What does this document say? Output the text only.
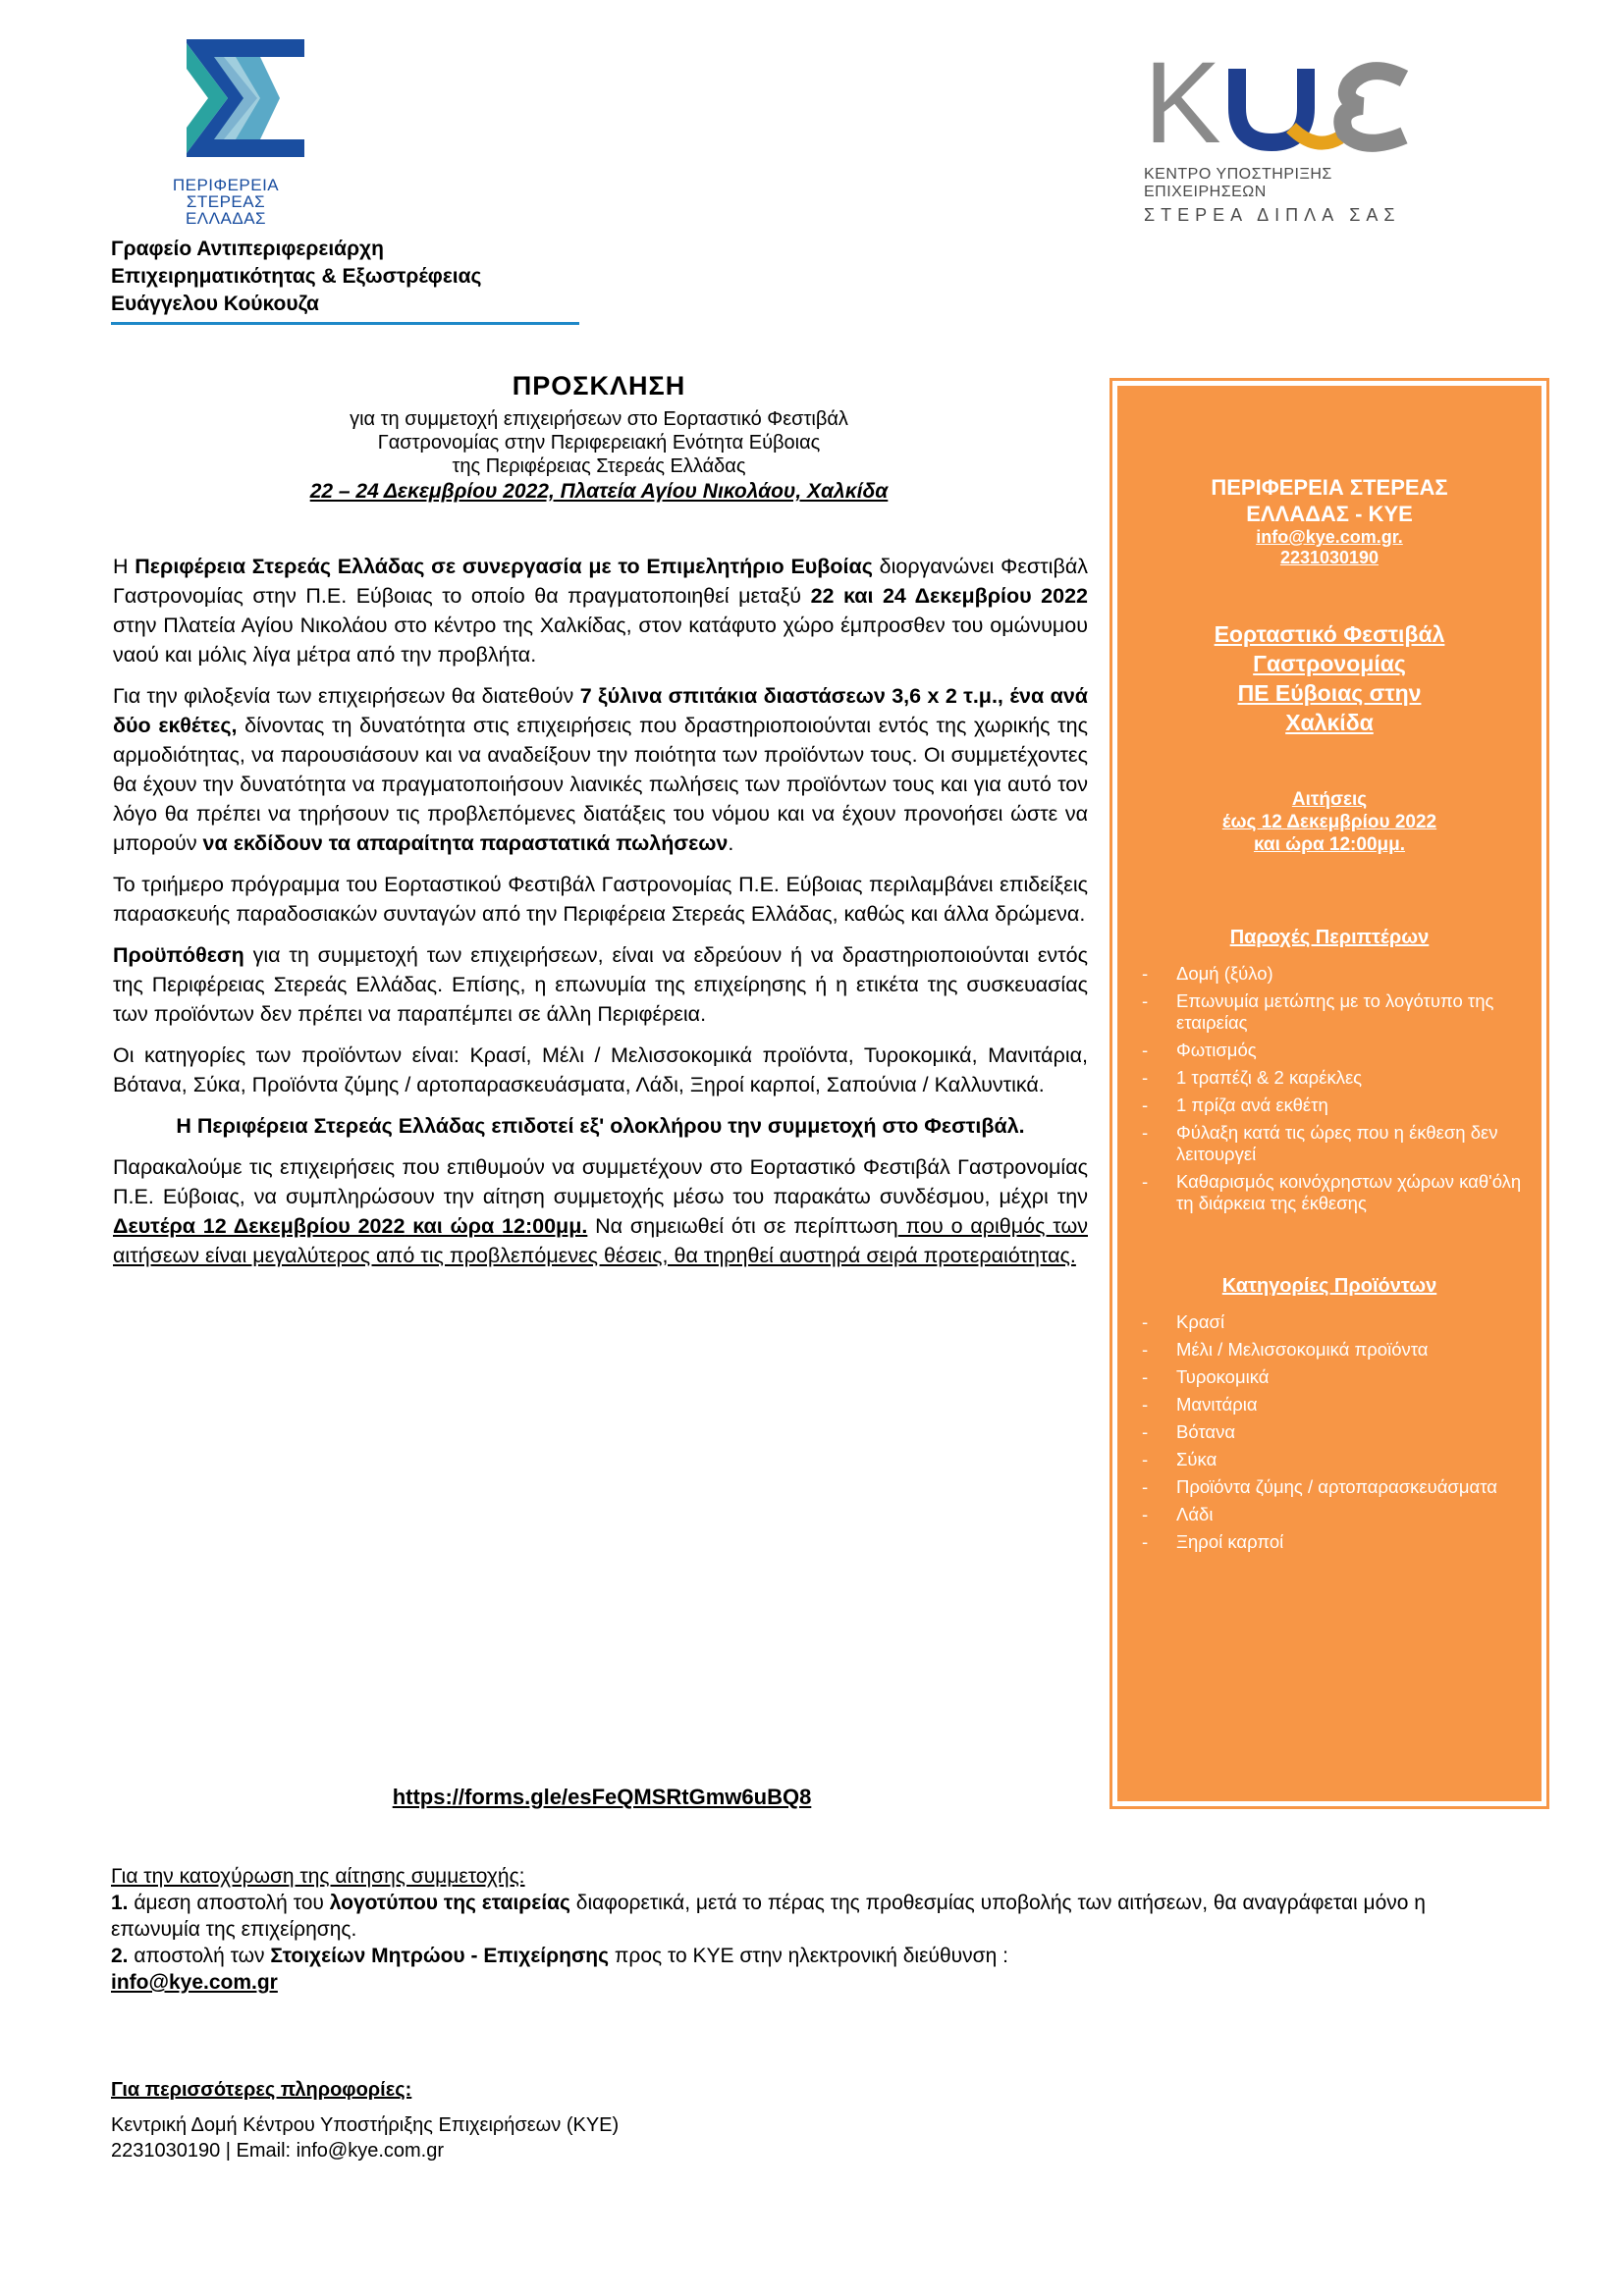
ΠΕΡΙΦΕΡΕΙΑ
ΣΤΕΡΕΑΣ
ΕΛΛΑΔΑΣ
K
ΚΕΝΤΡΟ ΥΠΟΣΤΗΡΙΞΗΣ ΕΠΙΧΕΙΡΗΣΕΩΝ
ΣΤΕΡΕΑ ΔΙΠΛΑ ΣΑΣ
Γραφείο Αντιπεριφερειάρχη
Επιχειρηματικότητας & Εξωστρέφειας
Ευάγγελου Κούκουζα
ΠΡΟΣΚΛΗΣΗ
για τη συμμετοχή επιχειρήσεων στο Εορταστικό Φεστιβάλ
Γαστρονομίας στην Περιφερειακή Ενότητα Εύβοιας
της Περιφέρειας Στερεάς Ελλάδας
22 – 24 Δεκεμβρίου 2022, Πλατεία Αγίου Νικολάου, Χαλκίδα

Η Περιφέρεια Στερεάς Ελλάδας σε συνεργασία με το Επιμελητήριο Ευβοίας διοργανώνει Φεστιβάλ Γαστρονομίας στην Π.Ε. Εύβοιας το οποίο θα πραγματοποιηθεί μεταξύ 22 και 24 Δεκεμβρίου 2022 στην Πλατεία Αγίου Νικολάου στο κέντρο της Χαλκίδας, στον κατάφυτο χώρο έμπροσθεν του ομώνυμου ναού και μόλις λίγα μέτρα από την προβλήτα.

Για την φιλοξενία των επιχειρήσεων θα διατεθούν 7 ξύλινα σπιτάκια διαστάσεων 3,6 x 2 τ.μ., ένα ανά δύο εκθέτες, δίνοντας τη δυνατότητα στις επιχειρήσεις που δραστηριοποιούνται εντός της χωρικής της αρμοδιότητας, να παρουσιάσουν και να αναδείξουν την ποιότητα των προϊόντων τους. Οι συμμετέχοντες θα έχουν την δυνατότητα να πραγματοποιήσουν λιανικές πωλήσεις των προϊόντων τους και για αυτό τον λόγο θα πρέπει να τηρήσουν τις προβλεπόμενες διατάξεις του νόμου και να έχουν προνοήσει ώστε να μπορούν να εκδίδουν τα απαραίτητα παραστατικά πωλήσεων.

Το τριήμερο πρόγραμμα του Εορταστικού Φεστιβάλ Γαστρονομίας Π.Ε. Εύβοιας περιλαμβάνει επιδείξεις παρασκευής παραδοσιακών συνταγών από την Περιφέρεια Στερεάς Ελλάδας, καθώς και άλλα δρώμενα.

Προϋπόθεση για τη συμμετοχή των επιχειρήσεων, είναι να εδρεύουν ή να δραστηριοποιούνται εντός της Περιφέρειας Στερεάς Ελλάδας. Επίσης, η επωνυμία της επιχείρησης ή η ετικέτα της συσκευασίας των προϊόντων δεν πρέπει να παραπέμπει σε άλλη Περιφέρεια.

Οι κατηγορίες των προϊόντων είναι: Κρασί, Μέλι / Μελισσοκομικά προϊόντα, Τυροκομικά, Μανιτάρια, Βότανα, Σύκα, Προϊόντα ζύμης / αρτοπαρασκευάσματα, Λάδι, Ξηροί καρποί, Σαπούνια / Καλλυντικά.

Η Περιφέρεια Στερεάς Ελλάδας επιδοτεί εξ' ολοκλήρου την συμμετοχή στο Φεστιβάλ.

Παρακαλούμε τις επιχειρήσεις που επιθυμούν να συμμετέχουν στο Εορταστικό Φεστιβάλ Γαστρονομίας Π.Ε. Εύβοιας, να συμπληρώσουν την αίτηση συμμετοχής μέσω του παρακάτω συνδέσμου, μέχρι την Δευτέρα 12 Δεκεμβρίου 2022 και ώρα 12:00μμ. Να σημειωθεί ότι σε περίπτωση που ο αριθμός των αιτήσεων είναι μεγαλύτερος από τις προβλεπόμενες θέσεις, θα τηρηθεί αυστηρά σειρά προτεραιότητας.

https://forms.gle/esFeQMSRtGmw6uBQ8

Για την κατοχύρωση της αίτησης συμμετοχής:

1. άμεση αποστολή του λογοτύπου της εταιρείας διαφορετικά, μετά το πέρας της προθεσμίας υποβολής των αιτήσεων, θα αναγράφεται μόνο η επωνυμία της επιχείρησης.

2. αποστολή των Στοιχείων Μητρώου - Επιχείρησης προς το ΚΥΕ στην ηλεκτρονική διεύθυνση :

info@kye.com.gr

Για περισσότερες πληροφορίες:
Κεντρική Δομή Κέντρου Υποστήριξης Επιχειρήσεων (ΚΥΕ)
2231030190 | Email: info@kye.com.gr
ΠΕΡΙΦΕΡΕΙΑ ΣΤΕΡΕΑΣ
ΕΛΛΑΔΑΣ - ΚΥΕ
info@kye.com.gr.
2231030190
Εορταστικό Φεστιβάλ
Γαστρονομίας
ΠΕ Εύβοιας στην
Χαλκίδα
Αιτήσεις
έως 12 Δεκεμβρίου 2022
και ώρα 12:00μμ.
Παροχές Περιπτέρων
- Δομή (ξύλο)
- Επωνυμία μετώπης με το λογότυπο της εταιρείας
- Φωτισμός
- 1 τραπέζι & 2 καρέκλες
- 1 πρίζα ανά εκθέτη
- Φύλαξη κατά τις ώρες που η έκθεση δεν λειτουργεί
- Καθαρισμός κοινόχρηστων χώρων καθ'όλη τη διάρκεια της έκθεσης
Κατηγορίες Προϊόντων
- Κρασί
- Μέλι / Μελισσοκομικά προϊόντα
- Τυροκομικά
- Μανιτάρια
- Βότανα
- Σύκα
- Προϊόντα ζύμης / αρτοπαρασκευάσματα
- Λάδι
- Ξηροί καρποί
